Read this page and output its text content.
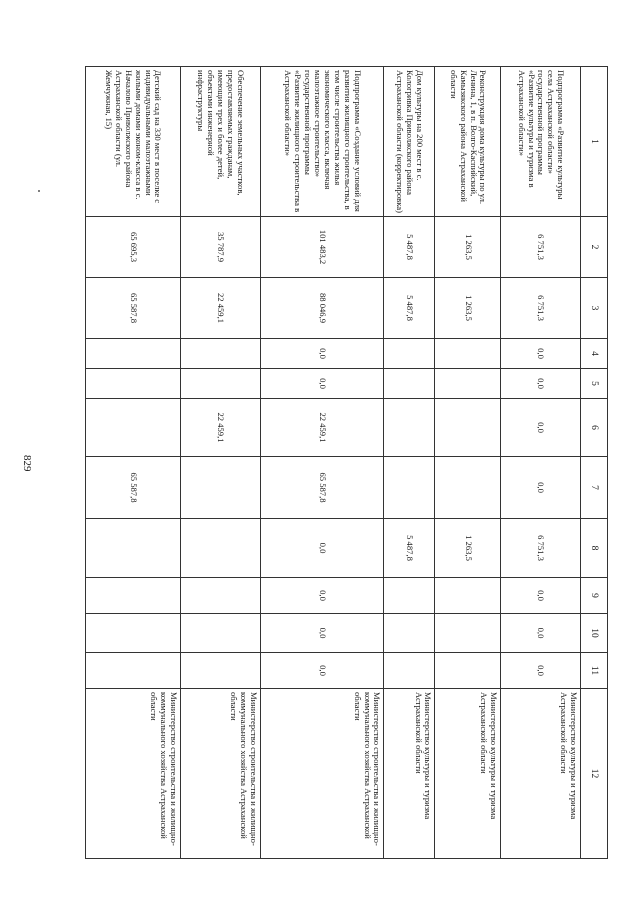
829
1	2	3	4	5	6	7	8	9	10	11	12
Подпрограмма «Развитие культуры села Астраханской области» государственной программы «Развитие культуры и туризма в Астраханской области»	6 751,3	6 751,3	0,0	0,0	0,0	0,0	6 751,3	0,0	0,0	0,0	Министерство культуры и туризма Астраханской области
Реконструкция дома культуры по ул. Ленина, 1, в п. Волго-Каспийский, Камызякского района Астраханской области	1 263,5	1 263,5					1 263,5				Министерство культуры и туризма Астраханской области
Дом культуры на 200 мест в с. Кологривка Приволжского района Астраханской области (корректировка)	5 487,8	5 487,8					5 487,8				Министерство культуры и туризма Астраханской области
Подпрограмма «Создание условий для развития жилищного строительства, в том числе строительства жилья экономического класса, включая малоэтажное строительство» государственной программы «Развитие жилищного строительства в Астраханской области»	101 483,2	88 046,9	0,0	0,0	22 459,1	65 587,8	0,0	0,0	0,0	0,0	Министерство строительства и жилищно-коммунального хозяйства Астраханской области
Обеспечение земельных участков, предоставляемых гражданам, имеющим трех и более детей, объектами инженерной инфраструктуры	35 787,9	22 459,1			22 459,1						Министерство строительства и жилищно-коммунального хозяйства Астраханской области
Детский сад на 330 мест в поселке с индивидуальными малоэтажными жилыми домами эконом-класса в с. Началово Приволжского района Астраханской области (ул. Жемчужная, 15)	65 695,3	65 587,8				65 587,8					Министерство строительства и жилищно-коммунального хозяйства Астраханской области
